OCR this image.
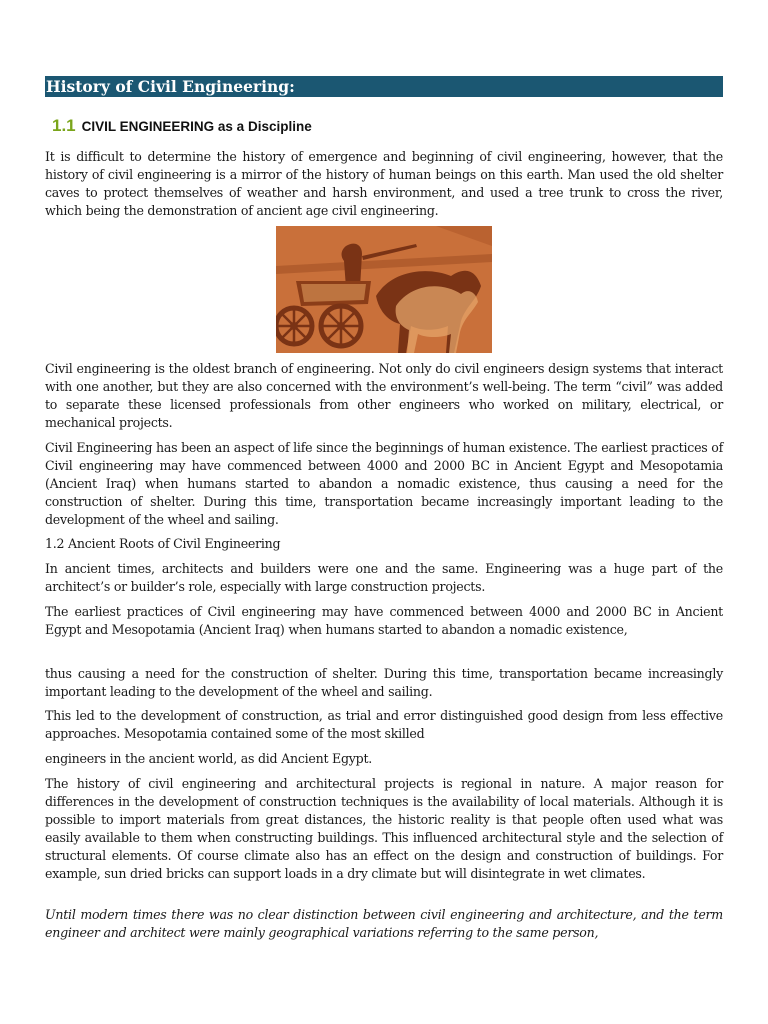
History of Civil Engineering:
1.1 CIVIL ENGINEERING as a Discipline

It is difficult to determine the history of emergence and beginning of civil engineering, however, that the history of civil engineering is a mirror of the history of human beings on this earth. Man used the old shelter caves to protect themselves of weather and harsh environment, and used a tree trunk to cross the river, which being the demonstration of ancient age civil engineering.

Civil engineering is the oldest branch of engineering. Not only do civil engineers design systems that interact with one another, but they are also concerned with the environment’s well-being. The term “civil” was added to separate these licensed professionals from other engineers who worked on military, electrical, or mechanical projects.

Civil Engineering has been an aspect of life since the beginnings of human existence. The earliest practices of Civil engineering may have commenced between 4000 and 2000 BC in Ancient Egypt and Mesopotamia (Ancient Iraq) when humans started to abandon a nomadic existence, thus causing a need for the construction of shelter. During this time, transportation became increasingly important leading to the development of the wheel and sailing.

1.2 Ancient Roots of Civil Engineering

In ancient times, architects and builders were one and the same. Engineering was a huge part of the architect’s or builder’s role, especially with large construction projects.

The earliest practices of Civil engineering may have commenced between 4000 and 2000 BC in Ancient Egypt and Mesopotamia (Ancient Iraq) when humans started to abandon a nomadic existence,

thus causing a need for the construction of shelter. During this time, transportation became increasingly important leading to the development of the wheel and sailing.

This led to the development of construction, as trial and error distinguished good design from less effective approaches. Mesopotamia contained some of the most skilled

engineers in the ancient world, as did Ancient Egypt.

The history of civil engineering and architectural projects is regional in nature. A major reason for differences in the development of construction techniques is the availability of local materials. Although it is possible to import materials from great distances, the historic reality is that people often used what was easily available to them when constructing buildings. This influenced architectural style and the selection of structural elements. Of course climate also has an effect on the design and construction of buildings. For example, sun dried bricks can support loads in a dry climate but will disintegrate in wet climates.

Until modern times there was no clear distinction between civil engineering and architecture, and the term engineer and architect were mainly geographical variations referring to the same person,
